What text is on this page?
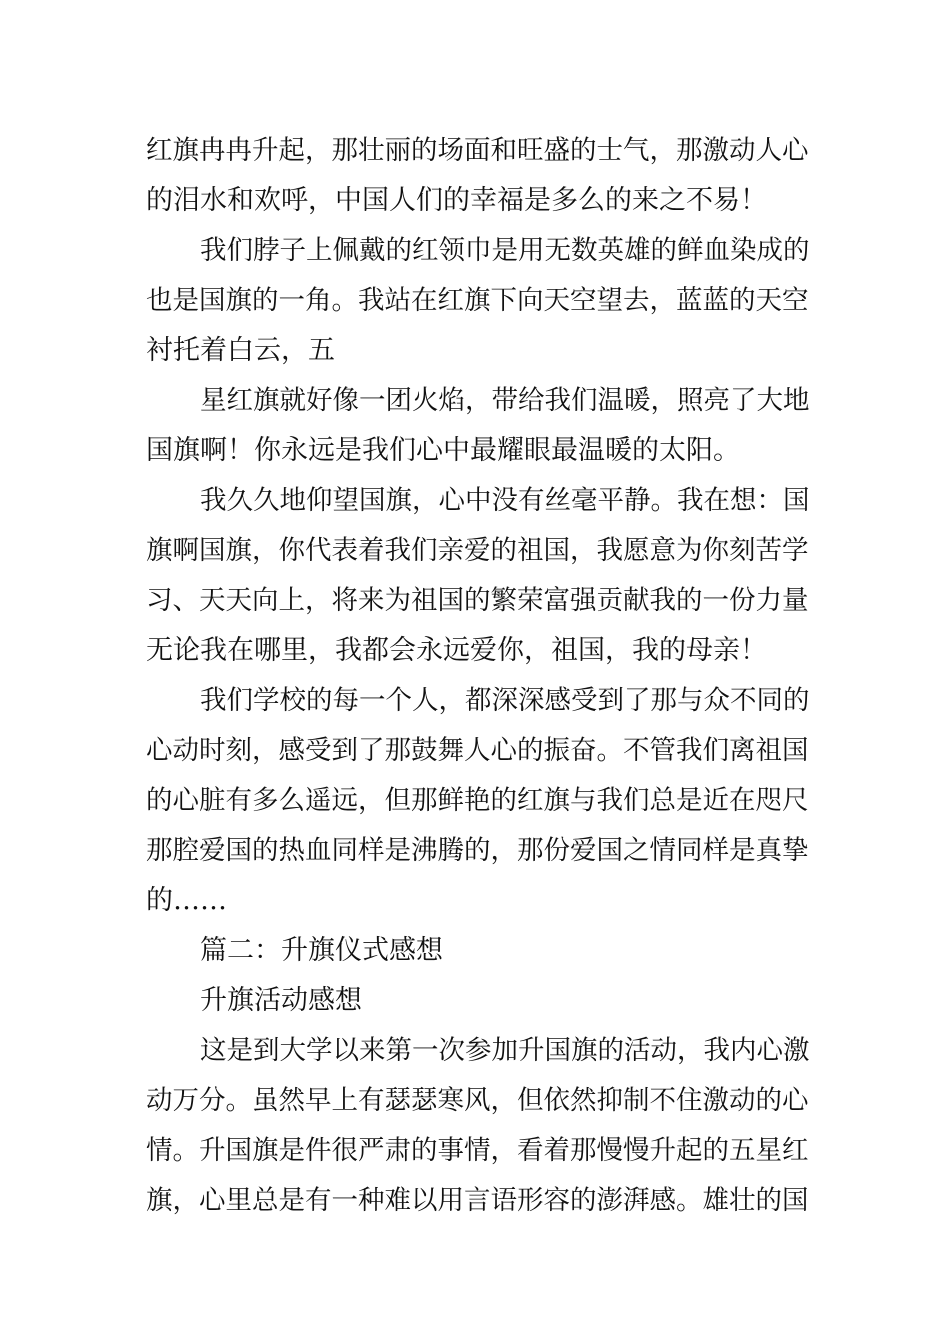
红旗冉冉升起，那壮丽的场面和旺盛的士气，那激动人心
的泪水和欢呼，中国人们的幸福是多么的来之不易！
我们脖子上佩戴的红领巾是用无数英雄的鲜血染成的
也是国旗的一角。我站在红旗下向天空望去，蓝蓝的天空
衬托着白云，五
星红旗就好像一团火焰，带给我们温暖，照亮了大地
国旗啊！你永远是我们心中最耀眼最温暖的太阳。
我久久地仰望国旗，心中没有丝毫平静。我在想：国
旗啊国旗，你代表着我们亲爱的祖国，我愿意为你刻苦学
习、天天向上，将来为祖国的繁荣富强贡献我的一份力量
无论我在哪里，我都会永远爱你，祖国，我的母亲！
我们学校的每一个人，都深深感受到了那与众不同的
心动时刻，感受到了那鼓舞人心的振奋。不管我们离祖国
的心脏有多么遥远，但那鲜艳的红旗与我们总是近在咫尺
那腔爱国的热血同样是沸腾的，那份爱国之情同样是真挚
的……
篇二：升旗仪式感想
升旗活动感想
这是到大学以来第一次参加升国旗的活动，我内心激
动万分。虽然早上有瑟瑟寒风，但依然抑制不住激动的心
情。升国旗是件很严肃的事情，看着那慢慢升起的五星红
旗，心里总是有一种难以用言语形容的澎湃感。雄壮的国
